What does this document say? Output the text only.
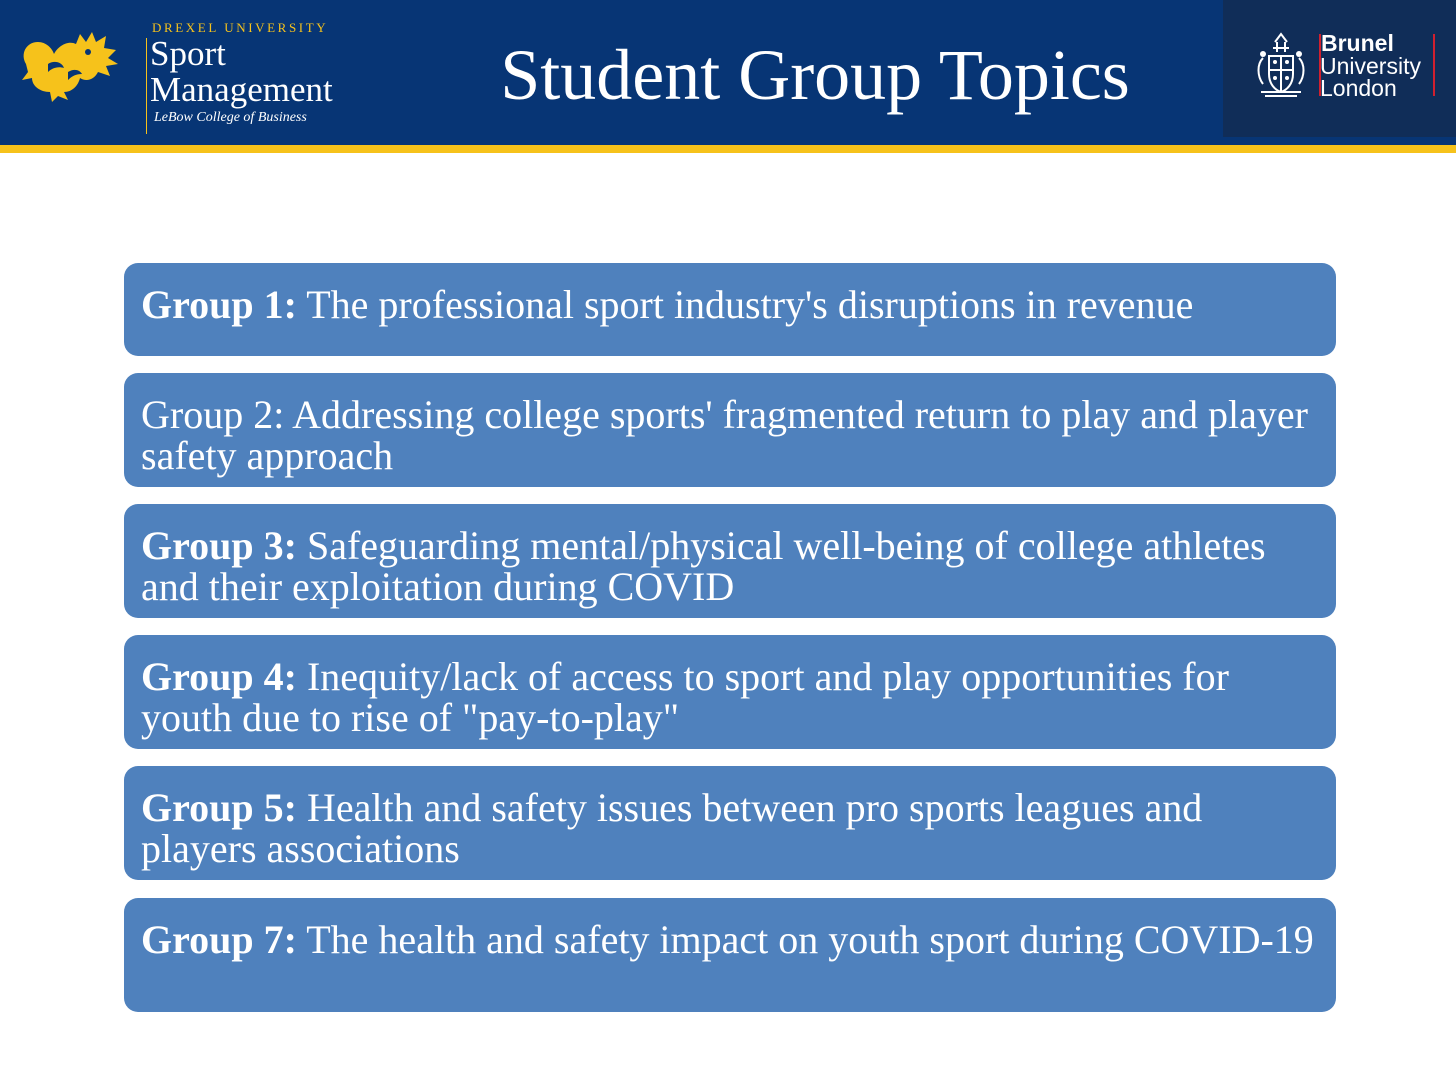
DREXEL UNIVERSITY
Sport
Management
LeBow College of Business
Student Group Topics	Brunel
University
London
Group 1: The professional sport industry's disruptions in revenue
Group 2: Addressing college sports' fragmented return to play and player safety approach
Group 3: Safeguarding mental/physical well-being of college athletes and their exploitation during COVID
Group 4: Inequity/lack of access to sport and play opportunities for youth due to rise of "pay-to-play"
Group 5: Health and safety issues between pro sports leagues and players associations
Group 7: The health and safety impact on youth sport during COVID-19
